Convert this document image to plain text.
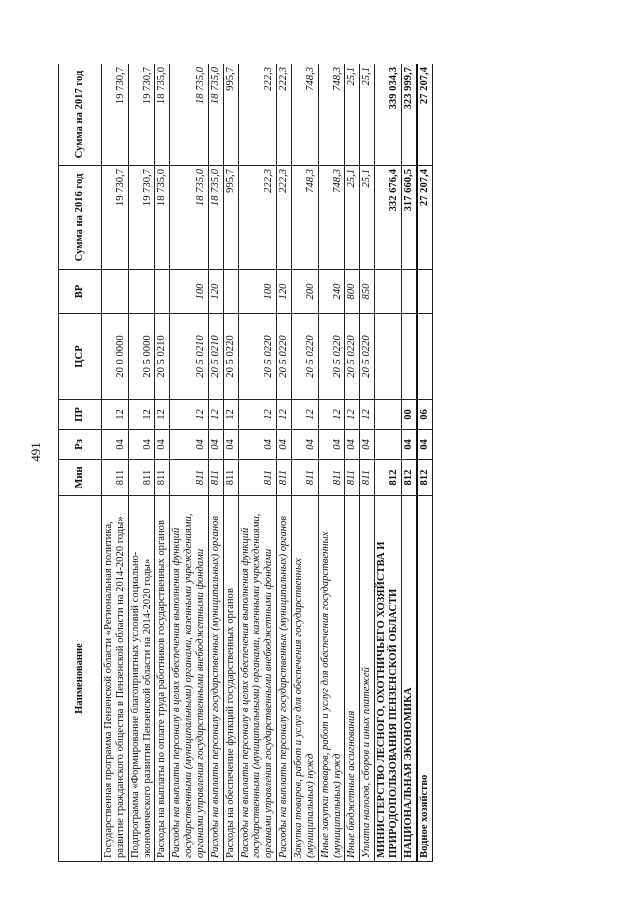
491
Наименование	Мин	Рз	ПР	ЦСР	ВР	Сумма на 2016 год	Сумма на 2017 год
Государственная программа Пензенской области «Региональная политика, развитие гражданского общества в Пензенской области на 2014-2020 годы»	811	04	12	20 0 0000		19 730,7	19 730,7
Подпрограмма «Формирование благоприятных условий социально-экономического развития Пензенской области на 2014-2020 годы»	811	04	12	20 5 0000		19 730,7	19 730,7
Расходы на выплаты по оплате труда работников государственных органов	811	04	12	20 5 0210		18 735,0	18 735,0
Расходы на выплаты персоналу в целях обеспечения выполнения функций государственными (муниципальными) органами, казенными учреждениями, органами управления государственными внебюджетными фондами	811	04	12	20 5 0210	100	18 735,0	18 735,0
Расходы на выплаты персоналу государственных (муниципальных) органов	811	04	12	20 5 0210	120	18 735,0	18 735,0
Расходы на обеспечение функций государственных органов	811	04	12	20 5 0220		995,7	995,7
Расходы на выплаты персоналу в целях обеспечения выполнения функций государственными (муниципальными) органами, казенными учреждениями, органами управления государственными внебюджетными фондами	811	04	12	20 5 0220	100	222,3	222,3
Расходы на выплаты персоналу государственных (муниципальных) органов	811	04	12	20 5 0220	120	222,3	222,3
Закупка товаров, работ и услуг для обеспечения государственных (муниципальных) нужд	811	04	12	20 5 0220	200	748,3	748,3
Иные закупки товаров, работ и услуг для обеспечения государственных (муниципальных) нужд	811	04	12	20 5 0220	240	748,3	748,3
Иные бюджетные ассигнования	811	04	12	20 5 0220	800	25,1	25,1
Уплата налогов, сборов и иных платежей	811	04	12	20 5 0220	850	25,1	25,1
МИНИСТЕРСТВО ЛЕСНОГО, ОХОТНИЧЬЕГО ХОЗЯЙСТВА И ПРИРОДОПОЛЬЗОВАНИЯ ПЕНЗЕНСКОЙ ОБЛАСТИ	812					332 676,4	339 034,3
НАЦИОНАЛЬНАЯ ЭКОНОМИКА	812	04	00			317 660,5	323 999,7
Водное хозяйство	812	04	06			27 207,4	27 207,4
